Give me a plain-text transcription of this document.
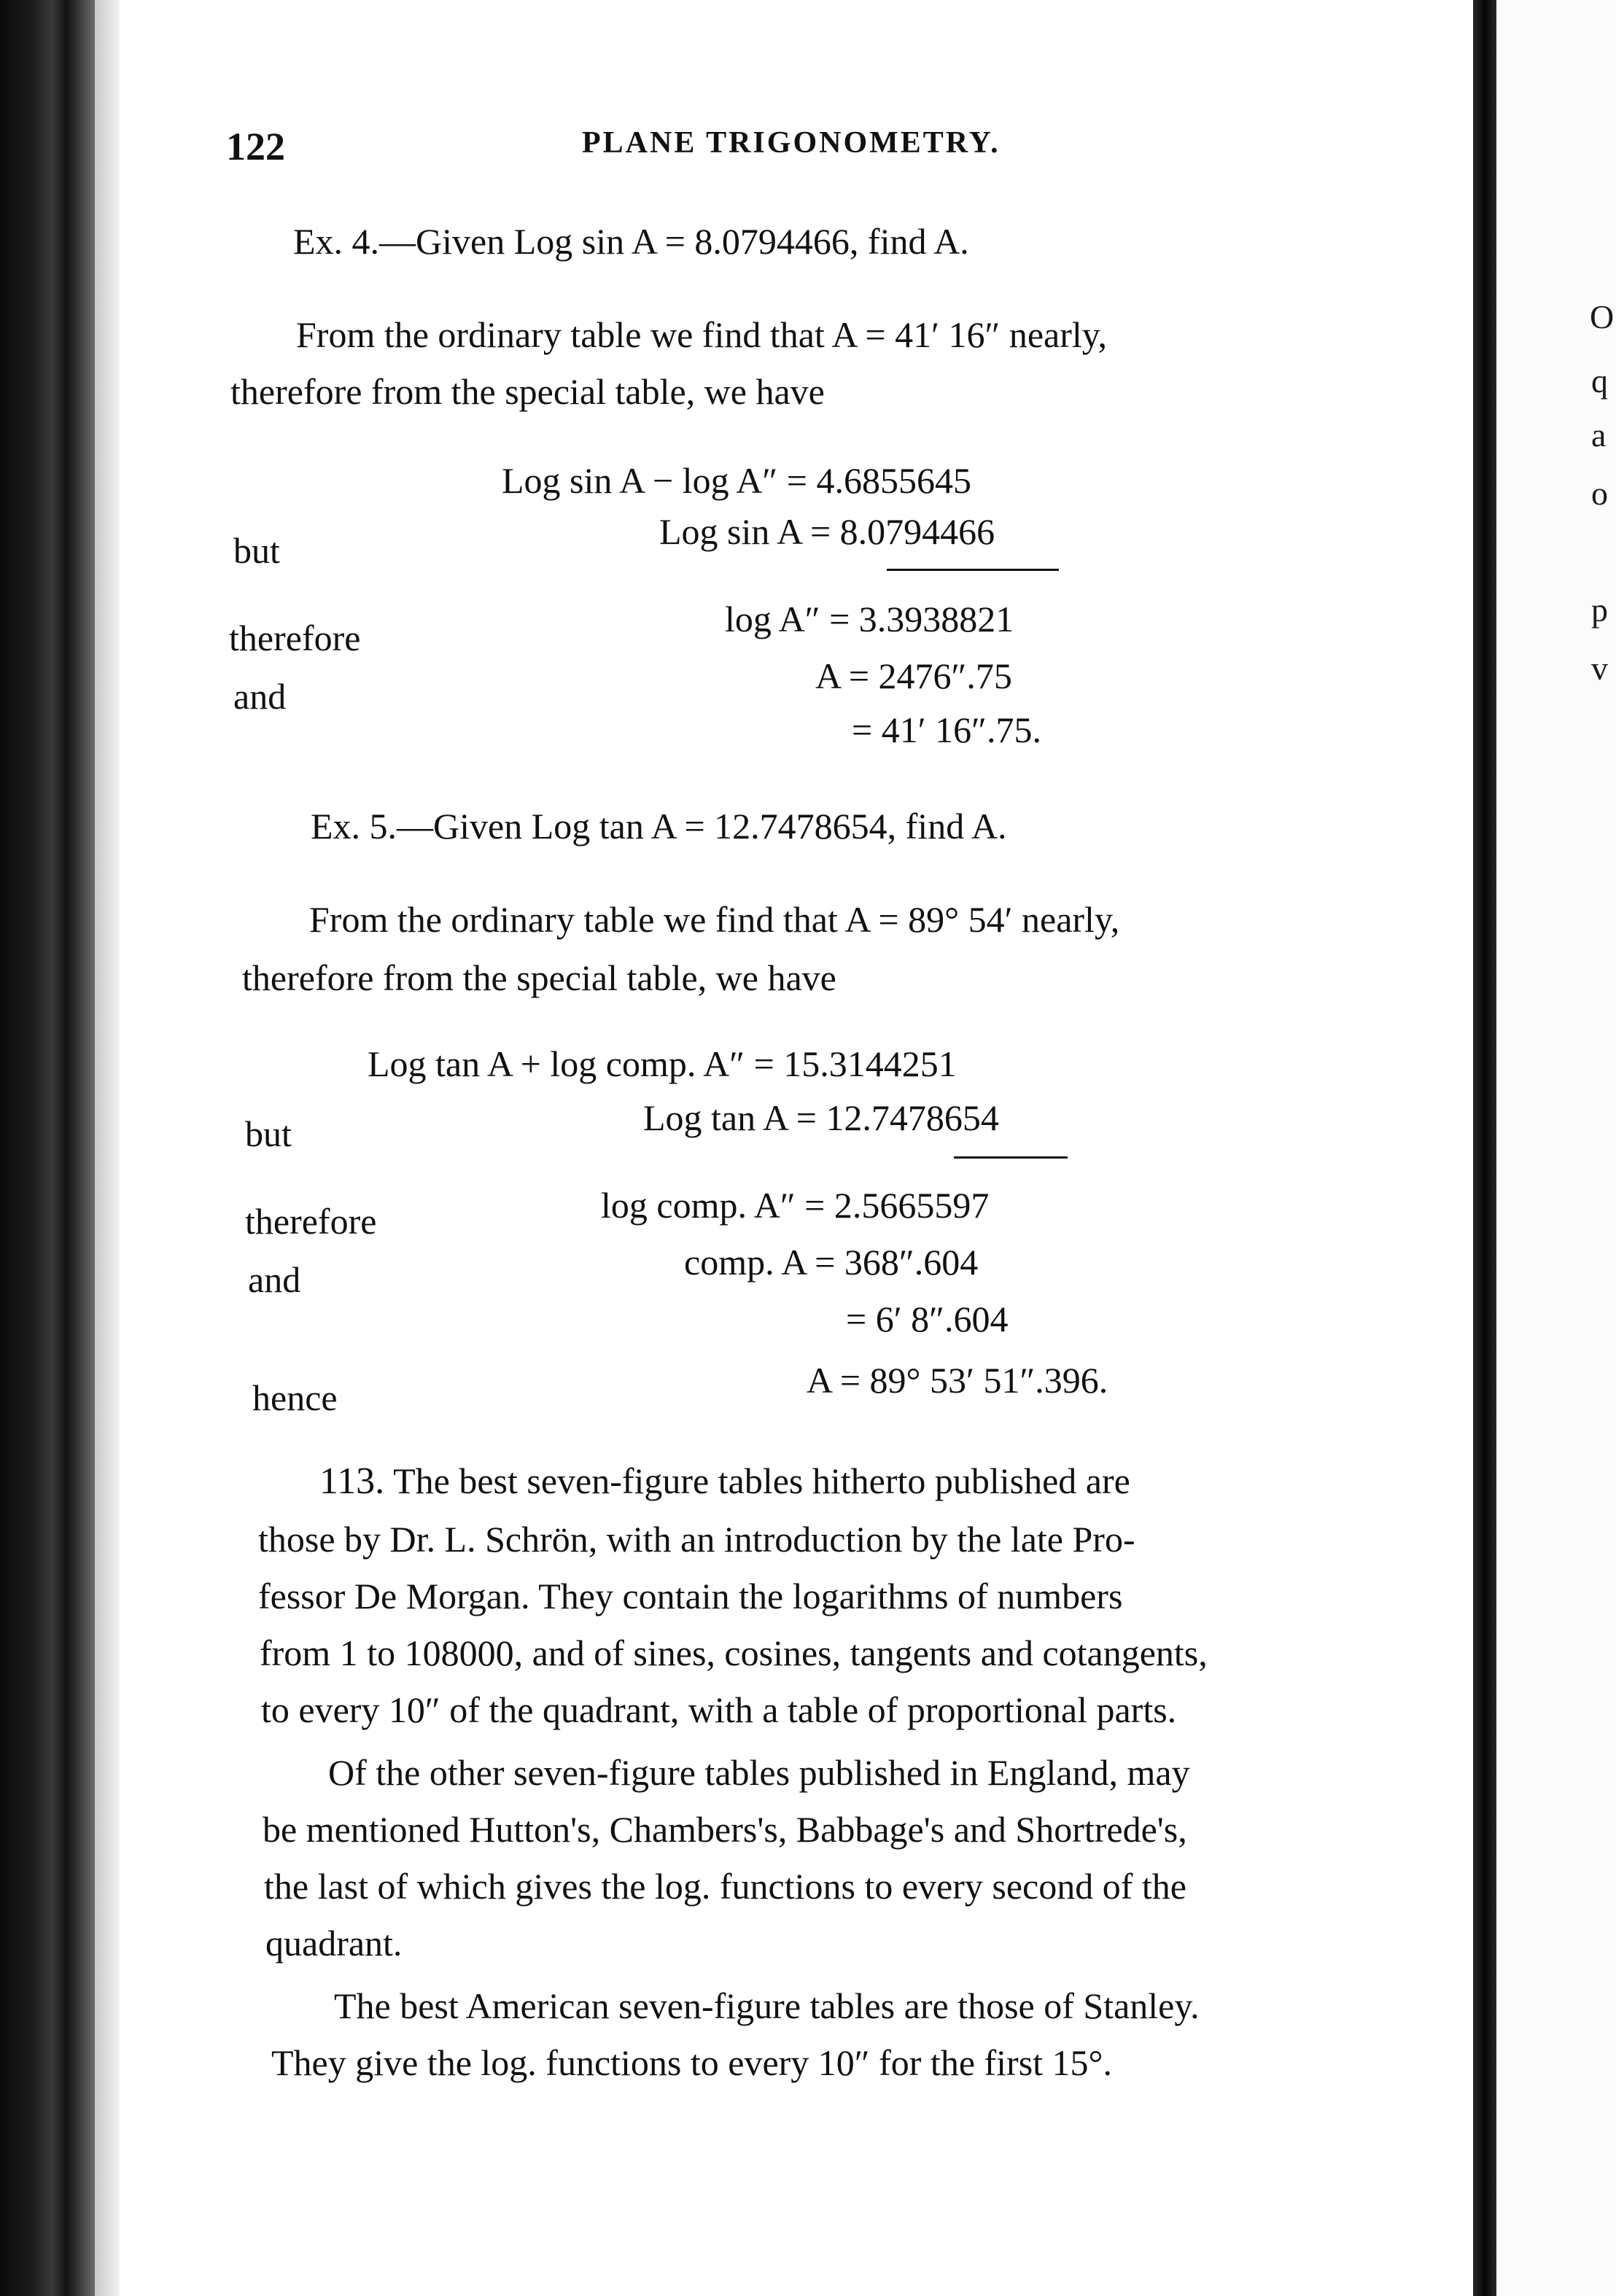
122	PLANE TRIGONOMETRY.
Ex. 4.—Given Log sin A = 8.0794466, find A.
From the ordinary table we find that A = 41′ 16″ nearly,
therefore from the special table, we have
Log sin A − log A″ = 4.6855645
but	Log sin A = 8.0794466
therefore	log A″ = 3.3938821
and	A = 2476″.75
= 41′ 16″.75.
Ex. 5.—Given Log tan A = 12.7478654, find A.
From the ordinary table we find that A = 89° 54′ nearly,
therefore from the special table, we have
Log tan A + log comp. A″ = 15.3144251
but	Log tan A = 12.7478654
therefore	log comp. A″ = 2.5665597
and	comp. A = 368″.604
= 6′ 8″.604
hence	A = 89° 53′ 51″.396.
113. The best seven-figure tables hitherto published are
those by Dr. L. Schrön, with an introduction by the late Pro-
fessor De Morgan. They contain the logarithms of numbers
from 1 to 108000, and of sines, cosines, tangents and cotangents,
to every 10″ of the quadrant, with a table of proportional parts.
Of the other seven-figure tables published in England, may
be mentioned Hutton's, Chambers's, Babbage's and Shortrede's,
the last of which gives the log. functions to every second of the
quadrant.
The best American seven-figure tables are those of Stanley.
They give the log. functions to every 10″ for the first 15°.
O
q
a
o
p
v
